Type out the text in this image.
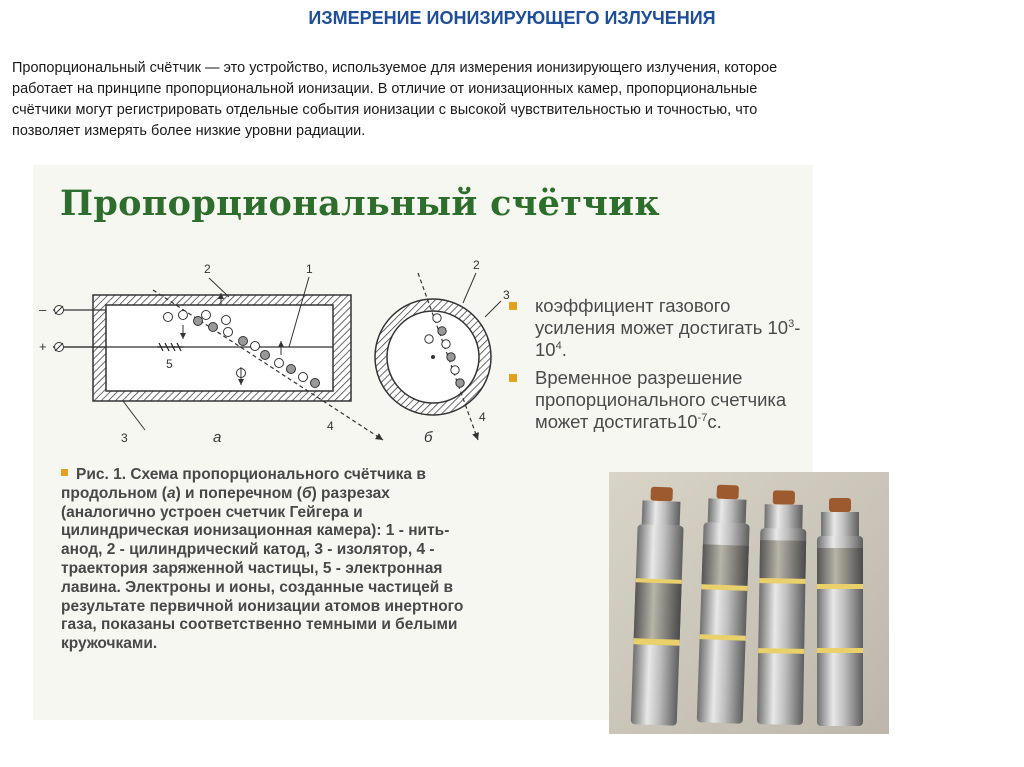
ИЗМЕРЕНИЕ ИОНИЗИРУЮЩЕГО ИЗЛУЧЕНИЯ
Пропорциональный счётчик — это устройство, используемое для измерения ионизирующего излучения, которое
работает на принципе пропорциональной ионизации. В отличие от ионизационных камер, пропорциональные
счётчики могут регистрировать отдельные события ионизации с высокой чувствительностью и точностью, что
позволяет измерять более низкие уровни радиации.
Пропорциональный счётчик
–
+
2	1
3
4
5
а
2
3
4
б
коэффициент газового усиления может достигать $10^3-10^4$.
Временное разрешение пропорционального счетчика может $достигать10^{-7}с$.
Рис. 1. Схема пропорционального счётчика в продольном (а) и поперечном (б) разрезах (аналогично устроен счетчик Гейгера и цилиндрическая ионизационная камера): 1 - нить-анод, 2 - цилиндрический катод, 3 - изолятор, 4 - траектория заряженной частицы, 5 - электронная лавина. Электроны и ионы, созданные частицей в результате первичной ионизации атомов инертного газа, показаны соответственно темными и белыми кружочками.
